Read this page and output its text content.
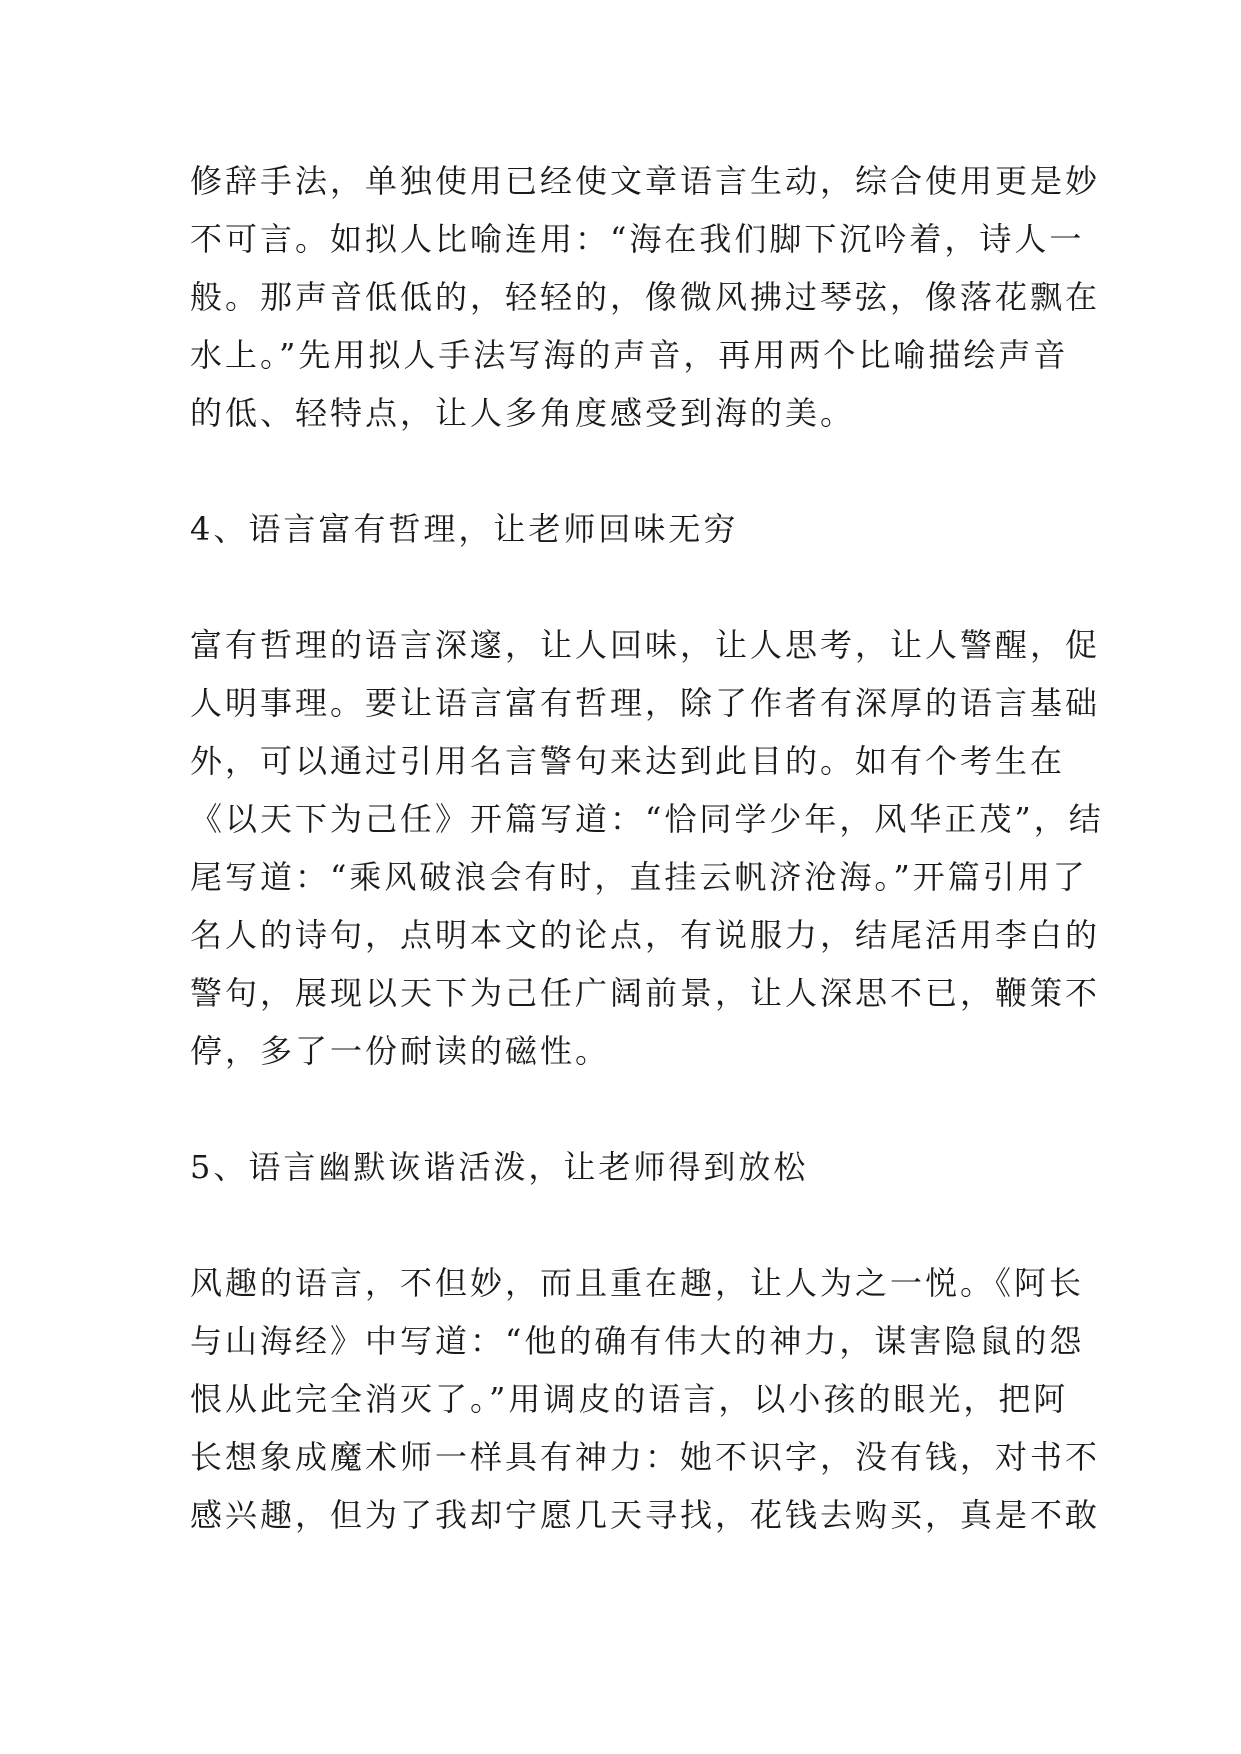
修辞手法，单独使用已经使文章语言生动，综合使用更是妙
不可言。如拟人比喻连用：“海在我们脚下沉吟着，诗人一
般。那声音低低的，轻轻的，像微风拂过琴弦，像落花飘在
水上。”先用拟人手法写海的声音，再用两个比喻描绘声音
的低、轻特点，让人多角度感受到海的美。
4、语言富有哲理，让老师回味无穷
富有哲理的语言深邃，让人回味，让人思考，让人警醒，促
人明事理。要让语言富有哲理，除了作者有深厚的语言基础
外，可以通过引用名言警句来达到此目的。如有个考生在
《以天下为己任》开篇写道：“恰同学少年，风华正茂”，结
尾写道：“乘风破浪会有时，直挂云帆济沧海。”开篇引用了
名人的诗句，点明本文的论点，有说服力，结尾活用李白的
警句，展现以天下为己任广阔前景，让人深思不已，鞭策不
停，多了一份耐读的磁性。
5、语言幽默诙谐活泼，让老师得到放松
风趣的语言，不但妙，而且重在趣，让人为之一悦。《阿长
与山海经》中写道：“他的确有伟大的神力，谋害隐鼠的怨
恨从此完全消灭了。”用调皮的语言，以小孩的眼光，把阿
长想象成魔术师一样具有神力：她不识字，没有钱，对书不
感兴趣，但为了我却宁愿几天寻找，花钱去购买，真是不敢
